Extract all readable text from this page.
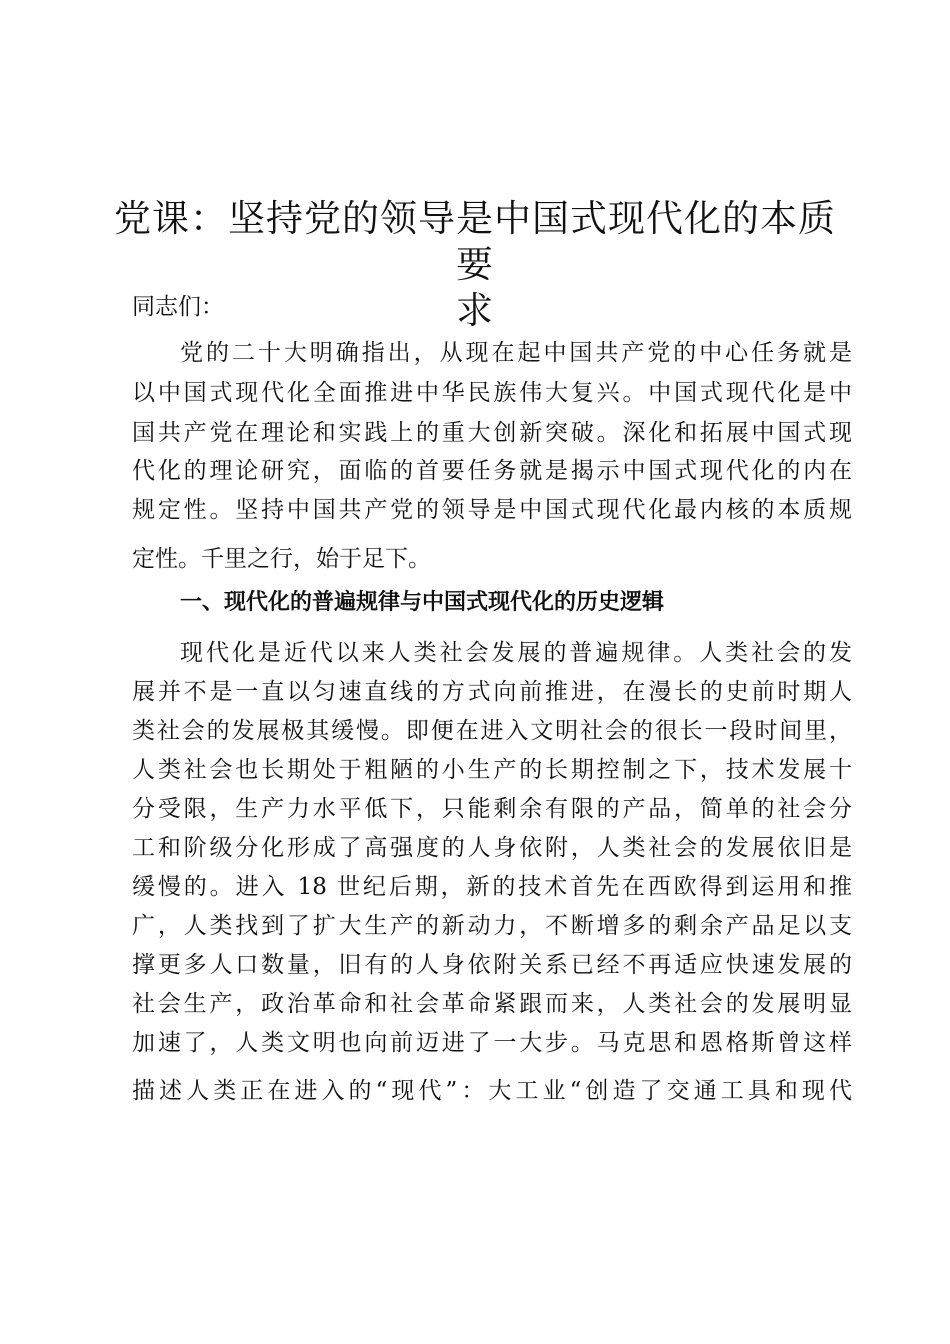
党课：坚持党的领导是中国式现代化的本质要
求
同志们：
党的二十大明确指出，从现在起中国共产党的中心任务就是
以中国式现代化全面推进中华民族伟大复兴。中国式现代化是中
国共产党在理论和实践上的重大创新突破。深化和拓展中国式现
代化的理论研究，面临的首要任务就是揭示中国式现代化的内在
规定性。坚持中国共产党的领导是中国式现代化最内核的本质规
定性。千里之行，始于足下。
一、现代化的普遍规律与中国式现代化的历史逻辑
现代化是近代以来人类社会发展的普遍规律。人类社会的发
展并不是一直以匀速直线的方式向前推进，在漫长的史前时期人
类社会的发展极其缓慢。即便在进入文明社会的很长一段时间里，
人类社会也长期处于粗陋的小生产的长期控制之下，技术发展十
分受限，生产力水平低下，只能剩余有限的产品，简单的社会分
工和阶级分化形成了高强度的人身依附，人类社会的发展依旧是
缓慢的。进入 18 世纪后期，新的技术首先在西欧得到运用和推
广，人类找到了扩大生产的新动力，不断增多的剩余产品足以支
撑更多人口数量，旧有的人身依附关系已经不再适应快速发展的
社会生产，政治革命和社会革命紧跟而来，人类社会的发展明显
加速了，人类文明也向前迈进了一大步。马克思和恩格斯曾这样
描述人类正在进入的“现代”：大工业“创造了交通工具和现代
